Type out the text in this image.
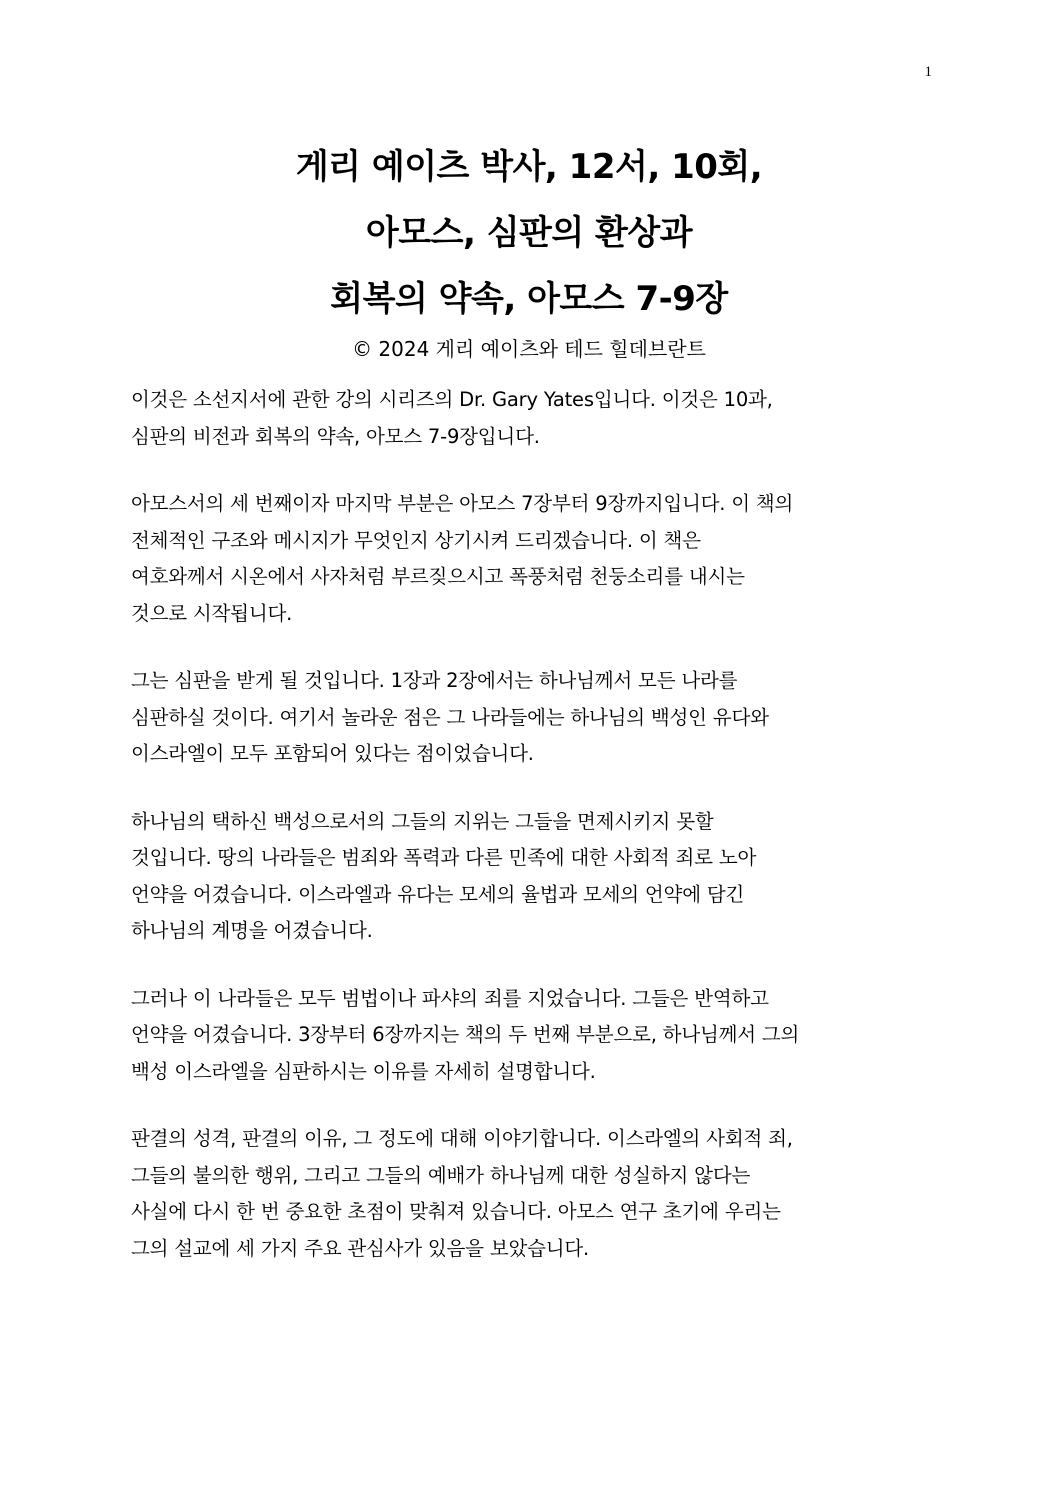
1
게리 예이츠 박사, 12서, 10회,
아모스, 심판의 환상과
회복의 약속, 아모스 7-9장
© 2024 게리 예이츠와 테드 힐데브란트

이것은 소선지서에 관한 강의 시리즈의 Dr. Gary Yates입니다. 이것은 10과,
심판의 비전과 회복의 약속, 아모스 7-9장입니다.

아모스서의 세 번째이자 마지막 부분은 아모스 7장부터 9장까지입니다. 이 책의
전체적인 구조와 메시지가 무엇인지 상기시켜 드리겠습니다. 이 책은
여호와께서 시온에서 사자처럼 부르짖으시고 폭풍처럼 천둥소리를 내시는
것으로 시작됩니다.

그는 심판을 받게 될 것입니다. 1장과 2장에서는 하나님께서 모든 나라를
심판하실 것이다. 여기서 놀라운 점은 그 나라들에는 하나님의 백성인 유다와
이스라엘이 모두 포함되어 있다는 점이었습니다.

하나님의 택하신 백성으로서의 그들의 지위는 그들을 면제시키지 못할
것입니다. 땅의 나라들은 범죄와 폭력과 다른 민족에 대한 사회적 죄로 노아
언약을 어겼습니다. 이스라엘과 유다는 모세의 율법과 모세의 언약에 담긴
하나님의 계명을 어겼습니다.

그러나 이 나라들은 모두 범법이나 파샤의 죄를 지었습니다. 그들은 반역하고
언약을 어겼습니다. 3장부터 6장까지는 책의 두 번째 부분으로, 하나님께서 그의
백성 이스라엘을 심판하시는 이유를 자세히 설명합니다.

판결의 성격, 판결의 이유, 그 정도에 대해 이야기합니다. 이스라엘의 사회적 죄,
그들의 불의한 행위, 그리고 그들의 예배가 하나님께 대한 성실하지 않다는
사실에 다시 한 번 중요한 초점이 맞춰져 있습니다. 아모스 연구 초기에 우리는
그의 설교에 세 가지 주요 관심사가 있음을 보았습니다.
